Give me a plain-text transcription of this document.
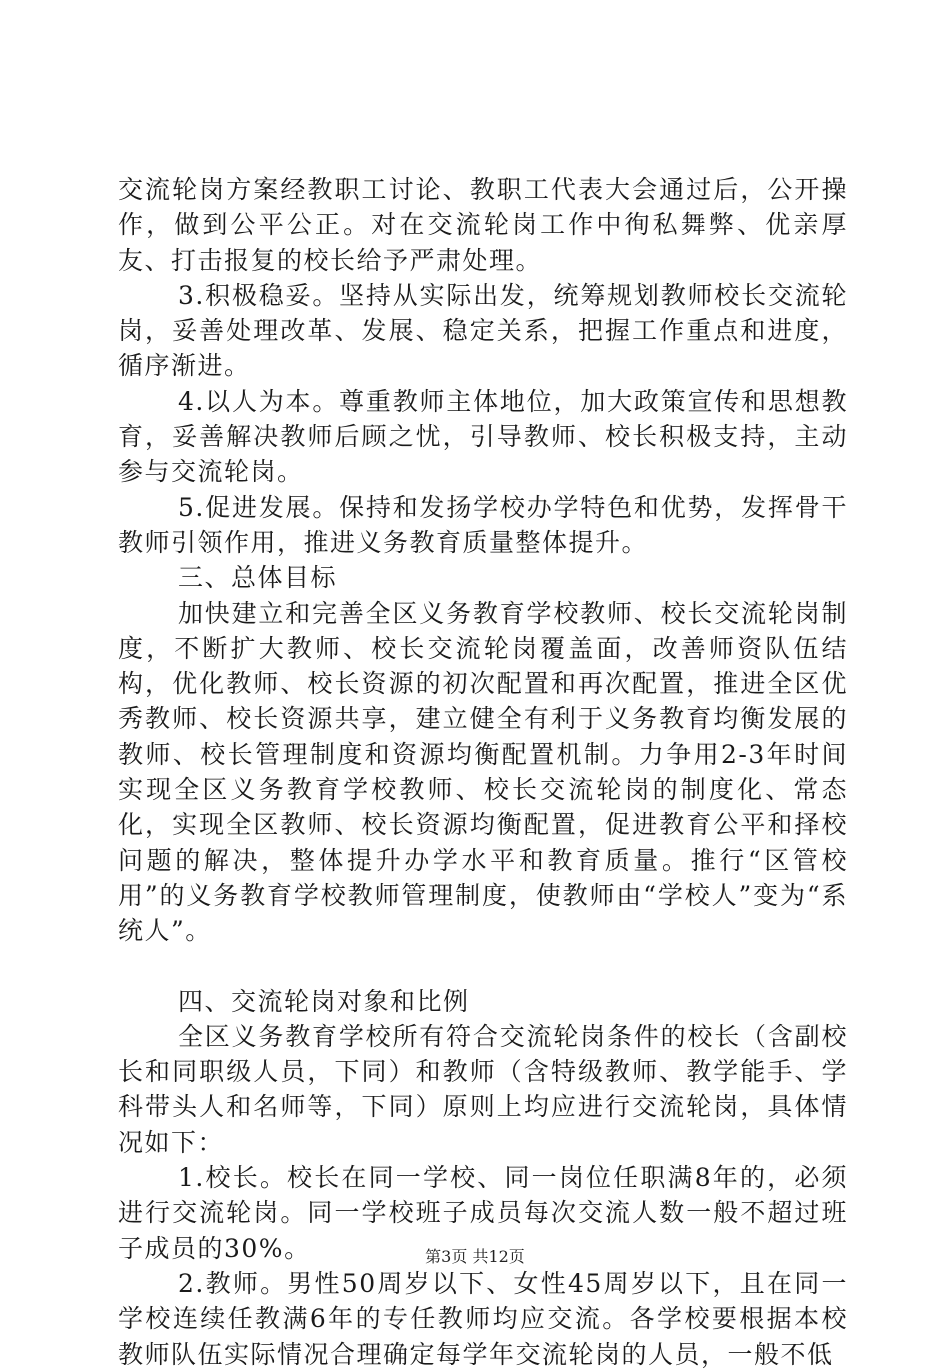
交流轮岗方案经教职工讨论、教职工代表大会通过后，公开操作，做到公平公正。对在交流轮岗工作中徇私舞弊、优亲厚友、打击报复的校长给予严肃处理。

3.积极稳妥。坚持从实际出发，统筹规划教师校长交流轮岗，妥善处理改革、发展、稳定关系，把握工作重点和进度，循序渐进。

4.以人为本。尊重教师主体地位，加大政策宣传和思想教育，妥善解决教师后顾之忧，引导教师、校长积极支持，主动参与交流轮岗。

5.促进发展。保持和发扬学校办学特色和优势，发挥骨干教师引领作用，推进义务教育质量整体提升。

三、总体目标

加快建立和完善全区义务教育学校教师、校长交流轮岗制度，不断扩大教师、校长交流轮岗覆盖面，改善师资队伍结构，优化教师、校长资源的初次配置和再次配置，推进全区优秀教师、校长资源共享，建立健全有利于义务教育均衡发展的教师、校长管理制度和资源均衡配置机制。力争用2-3年时间实现全区义务教育学校教师、校长交流轮岗的制度化、常态化，实现全区教师、校长资源均衡配置，促进教育公平和择校问题的解决，整体提升办学水平和教育质量。推行“区管校用”的义务教育学校教师管理制度，使教师由“学校人”变为“系统人”。

四、交流轮岗对象和比例

全区义务教育学校所有符合交流轮岗条件的校长（含副校长和同职级人员，下同）和教师（含特级教师、教学能手、学科带头人和名师等，下同）原则上均应进行交流轮岗，具体情况如下：

1.校长。校长在同一学校、同一岗位任职满8年的，必须进行交流轮岗。同一学校班子成员每次交流人数一般不超过班子成员的30%。

2.教师。男性50周岁以下、女性45周岁以下，且在同一学校连续任教满6年的专任教师均应交流。各学校要根据本校教师队伍实际情况合理确定每学年交流轮岗的人员，一般不低

第3页 共12页
